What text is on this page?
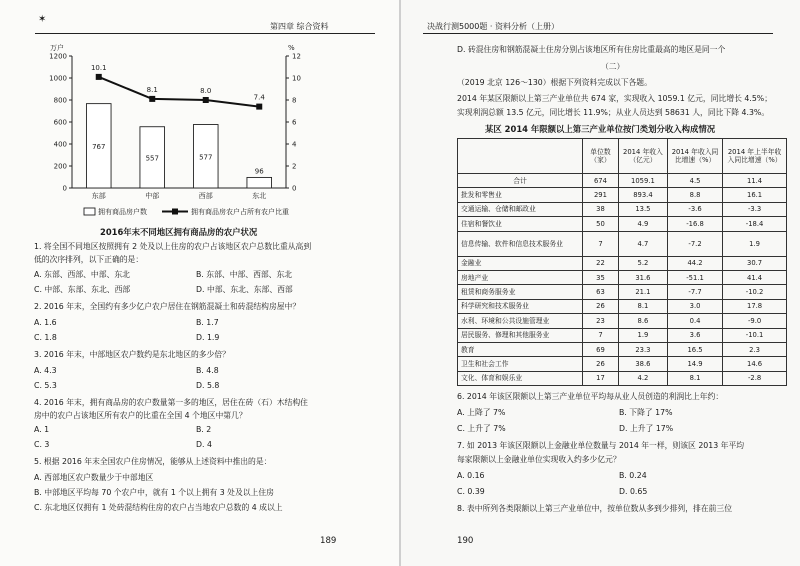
✶
第四章 综合资料
万户	%
0
200
400
600
800
1000
1200
0
2
4
6
8
10
12
767
东部
557
中部
577
西部
96
东北
10.1
8.1	8.0
7.4
拥有商品房户数	拥有商品房农户占所有农户比重
2016年末不同地区拥有商品房的农户状况
1. 将全国不同地区按照拥有 2 处及以上住房的农户占该地区农户总数比重从高到
低的次序排列，以下正确的是：
A. 东部、西部、中部、东北	B. 东部、中部、西部、东北
C. 中部、东部、东北、西部	D. 中部、东北、东部、西部
2. 2016 年末，全国约有多少亿户农户居住在钢筋混凝土和砖混结构房屋中？
A. 1.6	B. 1.7
C. 1.8	D. 1.9
3. 2016 年末，中部地区农户数约是东北地区的多少倍？
A. 4.3	B. 4.8
C. 5.3	D. 5.8
4. 2016 年末，拥有商品房的农户数量第一多的地区，居住在砖（石）木结构住
房中的农户占该地区所有农户的比重在全国 4 个地区中第几？
A. 1	B. 2
C. 3	D. 4
5. 根据 2016 年末全国农户住房情况，能够从上述资料中推出的是：
A. 西部地区农户数量少于中部地区
B. 中部地区平均每 70 个农户中，就有 1 个以上拥有 3 处及以上住房
C. 东北地区仅拥有 1 处砖混结构住房的农户占当地农户总数的 4 成以上
189
决战行测5000题 · 资料分析（上册）
D. 砖混住房和钢筋混凝土住房分别占该地区所有住房比重最高的地区是同一个
（二）
（2019 北京 126～130）根据下列资料完成以下各题。
2014 年某区限额以上第三产业单位共 674 家，实现收入 1059.1 亿元，同比增长 4.5%；
实现利润总额 13.5 亿元，同比增长 11.9%；从业人员达到 58631 人，同比下降 4.3%。
某区 2014 年限额以上第三产业单位按门类划分收入构成情况
	单位数（家）	2014 年收入（亿元）	2014 年收入同比增速（%）	2014 年上半年收入同比增速（%）
合计	674	1059.1	4.5	11.4
批发和零售业	291	893.4	8.8	16.1
交通运输、仓储和邮政业	38	13.5	-3.6	-3.3
住宿和餐饮业	50	4.9	-16.8	-18.4
信息传输、软件和信息技术服务业	7	4.7	-7.2	1.9
金融业	22	5.2	44.2	30.7
房地产业	35	31.6	-51.1	41.4
租赁和商务服务业	63	21.1	-7.7	-10.2
科学研究和技术服务业	26	8.1	3.0	17.8
水利、环境和公共设施管理业	23	8.6	0.4	-9.0
居民服务、修理和其他服务业	7	1.9	3.6	-10.1
教育	69	23.3	16.5	2.3
卫生和社会工作	26	38.6	14.9	14.6
文化、体育和娱乐业	17	4.2	8.1	-2.8
6. 2014 年该区限额以上第三产业单位平均每从业人员创造的利润比上年约：
A. 上降了 7%	B. 下降了 17%
C. 上升了 7%	D. 上升了 17%
7. 如 2013 年该区限额以上金融业单位数量与 2014 年一样，则该区 2013 年平均
每家限额以上金融业单位实现收入约多少亿元？
A. 0.16	B. 0.24
C. 0.39	D. 0.65
8. 表中所列各类限额以上第三产业单位中，按单位数从多到少排列，排在前三位
190
